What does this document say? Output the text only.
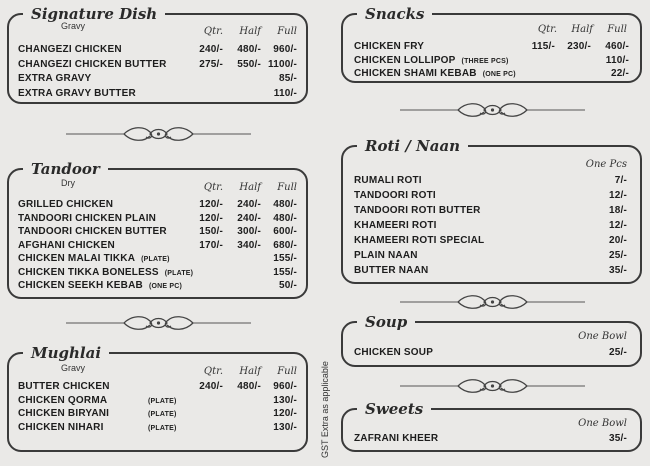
Signature Dish
Gravy	Qtr.	Half	Full
CHANGEZI CHICKEN	240/-	480/-	960/-
CHANGEZI CHICKEN BUTTER	275/-	550/- 1100/-
EXTRA GRAVY	85/-
EXTRA GRAVY BUTTER	110/-
Tandoor
Dry	Qtr.	Half	Full
GRILLED CHICKEN	120/-	240/-	480/-
TANDOORI CHICKEN PLAIN	120/-	240/-	480/-
TANDOORI CHICKEN BUTTER	150/-	300/-	600/-
AFGHANI CHICKEN	170/-	340/-	680/-
CHICKEN MALAI TIKKA (PLATE)	155/-
CHICKEN TIKKA BONELESS (PLATE)	155/-
CHICKEN SEEKH KEBAB (ONE PC)	50/-
Mughlai
Gravy	Qtr.	Half	Full
BUTTER CHICKEN	240/-	480/-	960/-
CHICKEN QORMA	(PLATE)	130/-
CHICKEN BIRYANI	(PLATE)	120/-
CHICKEN NIHARI	(PLATE)	130/-	GST Extra as applicable
Snacks
Qtr.	Half	Full
CHICKEN FRY	115/-	230/-	460/-
CHICKEN LOLLIPOP (THREE PCS)	110/-
CHICKEN SHAMI KEBAB (ONE PC)	22/-
Roti / Naan
One Pcs
RUMALI ROTI	7/-
TANDOORI ROTI	12/-
TANDOORI ROTI BUTTER	18/-
KHAMEERI ROTI	12/-
KHAMEERI ROTI SPECIAL	20/-
PLAIN NAAN	25/-
BUTTER NAAN	35/-
Soup
One Bowl
CHICKEN SOUP	25/-
Sweets
One Bowl
ZAFRANI KHEER	35/-
